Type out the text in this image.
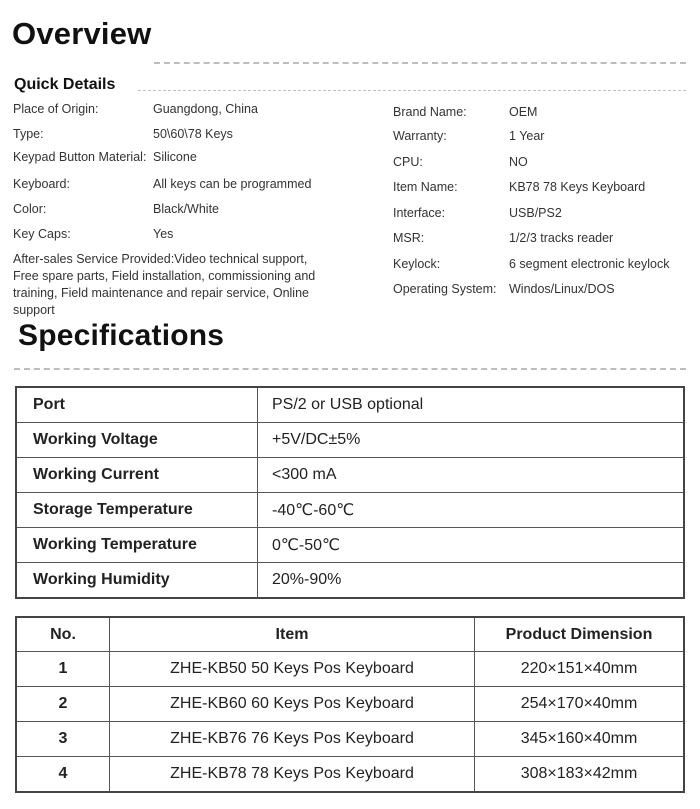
Overview
Quick Details
Place of Origin:	Guangdong, China
Type:	50\60\78 Keys
Keypad Button Material: Silicone
Keyboard:	All keys can be programmed
Color:	Black/White
Key Caps:	Yes
After-sales Service Provided:Video technical support, Free spare parts, Field installation, commissioning and training, Field maintenance and repair service, Online support
Brand Name:	OEM
Warranty:	1 Year
CPU:	NO
Item Name:	KB78 78 Keys Keyboard
Interface:	USB/PS2
MSR:	1/2/3 tracks reader
Keylock:	6 segment electronic keylock
Operating System: Windos/Linux/DOS
Specifications
Port	PS/2 or USB optional
Working Voltage	+5V/DC±5%
Working Current	<300 mA
Storage Temperature	-40℃-60℃
Working Temperature	0℃-50℃
Working Humidity	20%-90%
No.	Item	Product Dimension
1	ZHE-KB50 50 Keys Pos Keyboard	220×151×40mm
2	ZHE-KB60 60 Keys Pos Keyboard	254×170×40mm
3	ZHE-KB76 76 Keys Pos Keyboard	345×160×40mm
4	ZHE-KB78 78 Keys Pos Keyboard	308×183×42mm
